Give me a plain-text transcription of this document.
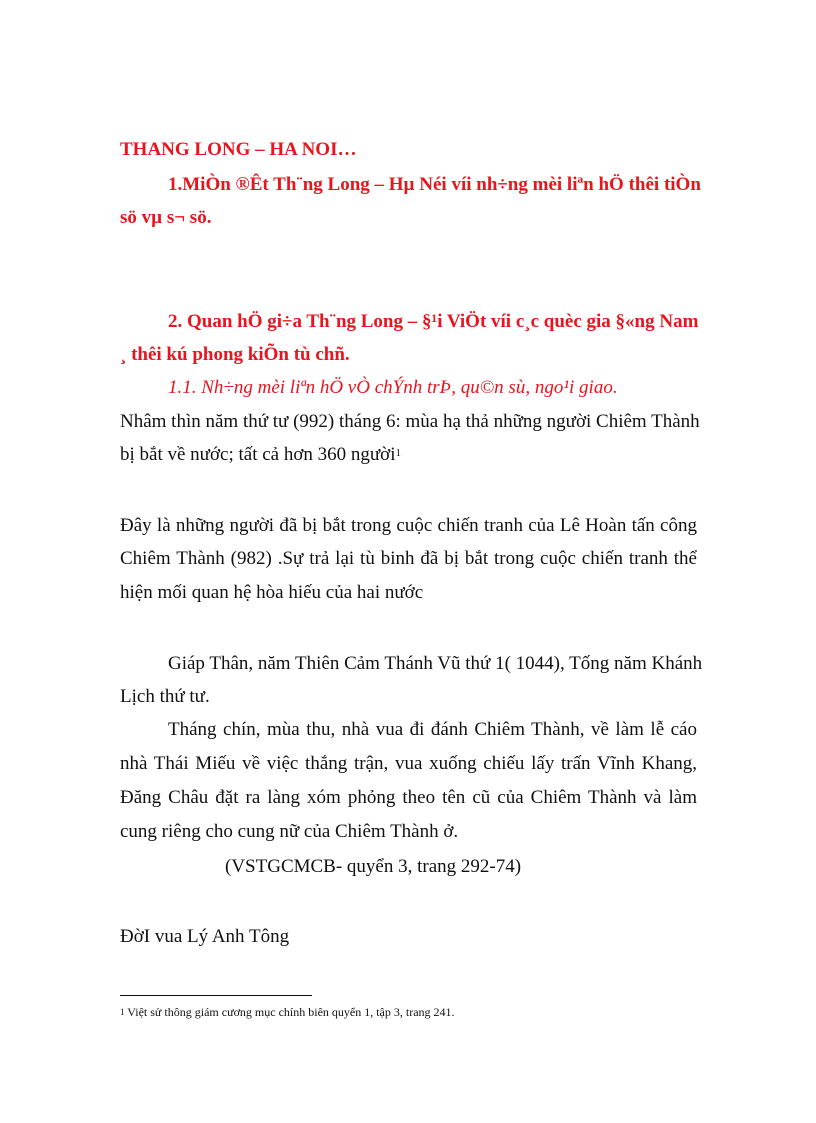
THANG LONG – HA NOI…
1.MiÒn ®Êt Th¨ng Long – Hµ Néi víi nh÷ng mèi liªn hÖ thêi tiÒn
sö vµ s¬ sö.
2. Quan hÖ gi÷a Th¨ng Long – §¹i ViÖt víi c¸c quèc gia §«ng Nam
¸ thêi kú phong kiÕn tù chñ.
1.1. Nh÷ng mèi liªn hÖ vÒ chÝnh trÞ, qu©n sù, ngo¹i giao.
Nhâm thìn năm thứ tư (992) tháng 6: mùa hạ thả những người Chiêm Thành
bị bắt về nước; tất cả hơn 360 người$^1$
Đây là những người đã bị bắt trong cuộc chiến tranh của Lê Hoàn tấn công
Chiêm Thành (982) .Sự trả lại tù binh đã bị bắt trong cuộc chiến tranh thể
hiện mối quan hệ hòa hiếu của hai nước
Giáp Thân, năm Thiên Cảm Thánh Vũ thứ 1( 1044), Tống năm Khánh
Lịch thứ tư.
Tháng chín, mùa thu, nhà vua đi đánh Chiêm Thành, về làm lễ cáo
nhà Thái Miếu về việc thắng trận, vua xuống chiếu lấy trấn Vĩnh Khang,
Đăng Châu đặt ra làng xóm phỏng theo tên cũ của Chiêm Thành và làm
cung riêng cho cung nữ của Chiêm Thành ở.
(VSTGCMCB- quyển 3, trang 292-74)
ĐờI vua Lý Anh Tông
$^1$ Việt sử thông giám cương mục chính biên quyển 1, tập 3, trang 241.
